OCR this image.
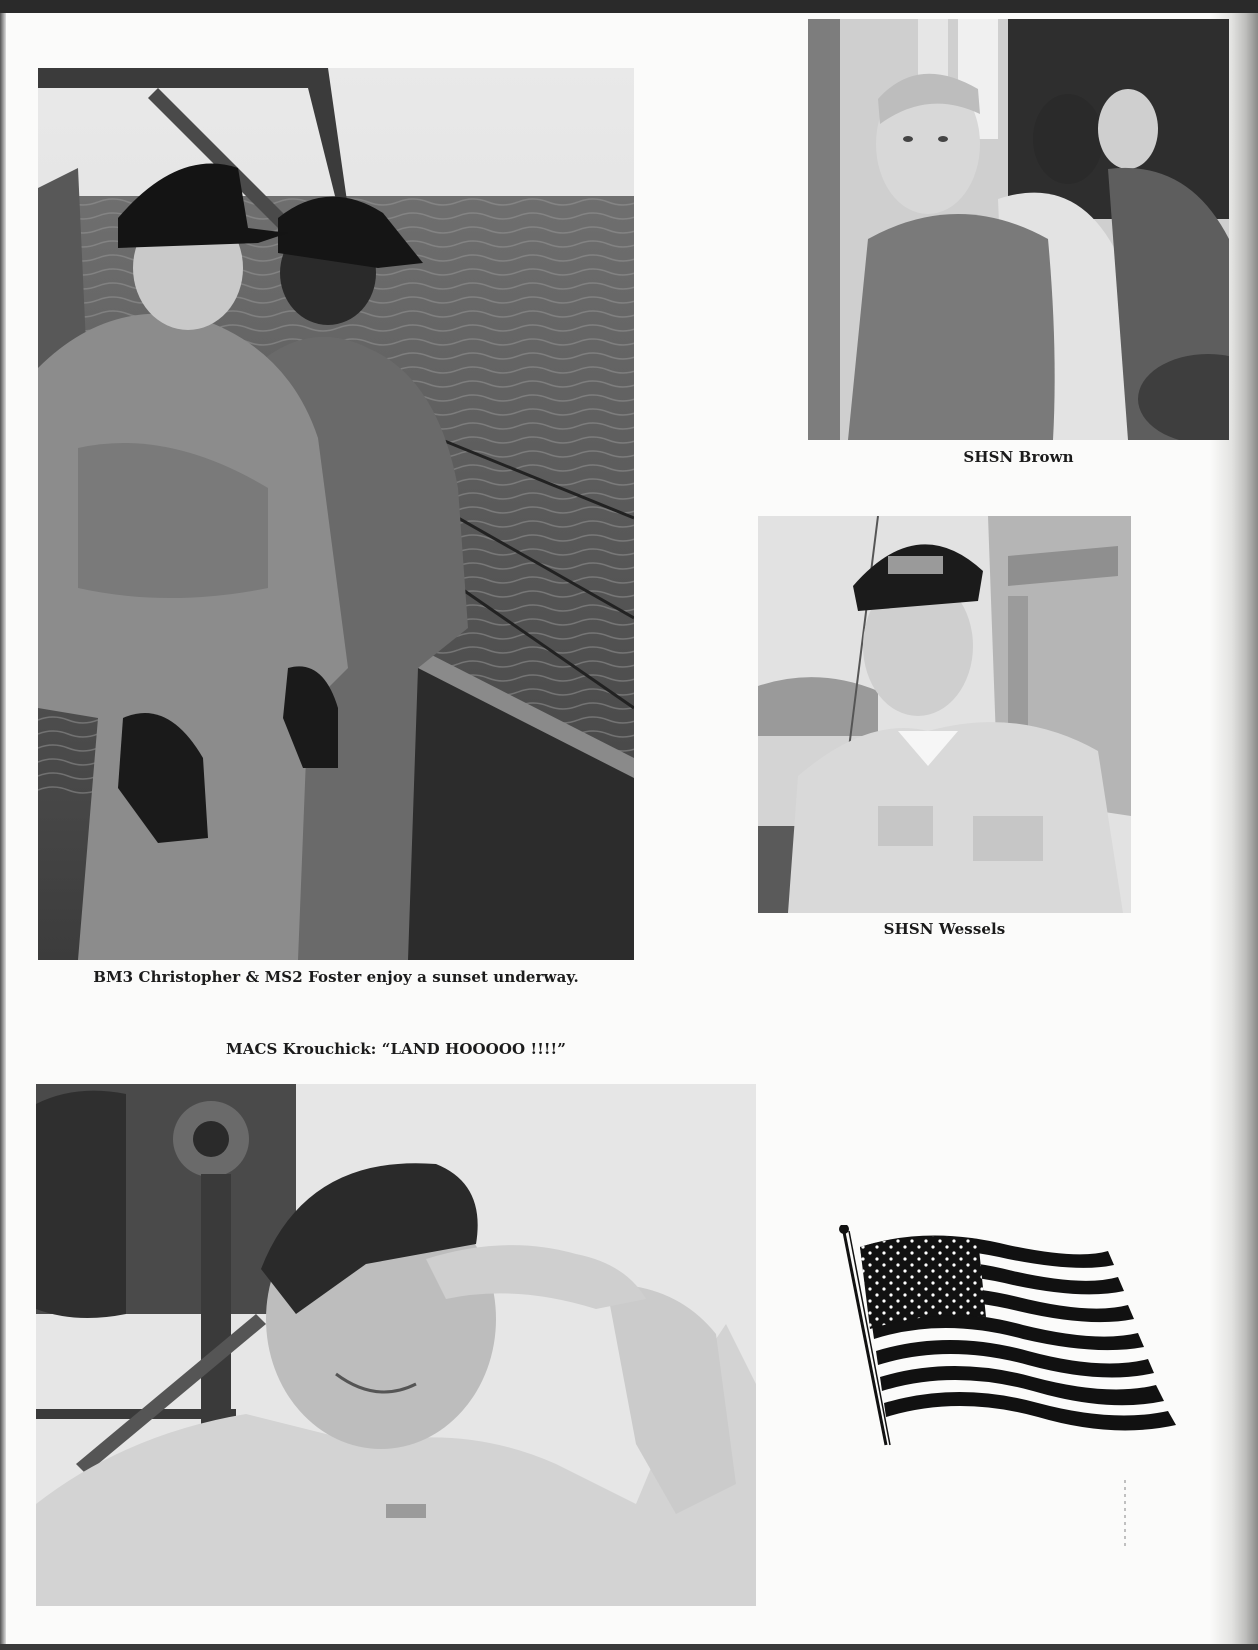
BM3 Christopher & MS2 Foster enjoy a sunset underway.

SHSN Brown

SHSN Wessels

MACS Krouchick: “LAND HOOOOO !!!!”
